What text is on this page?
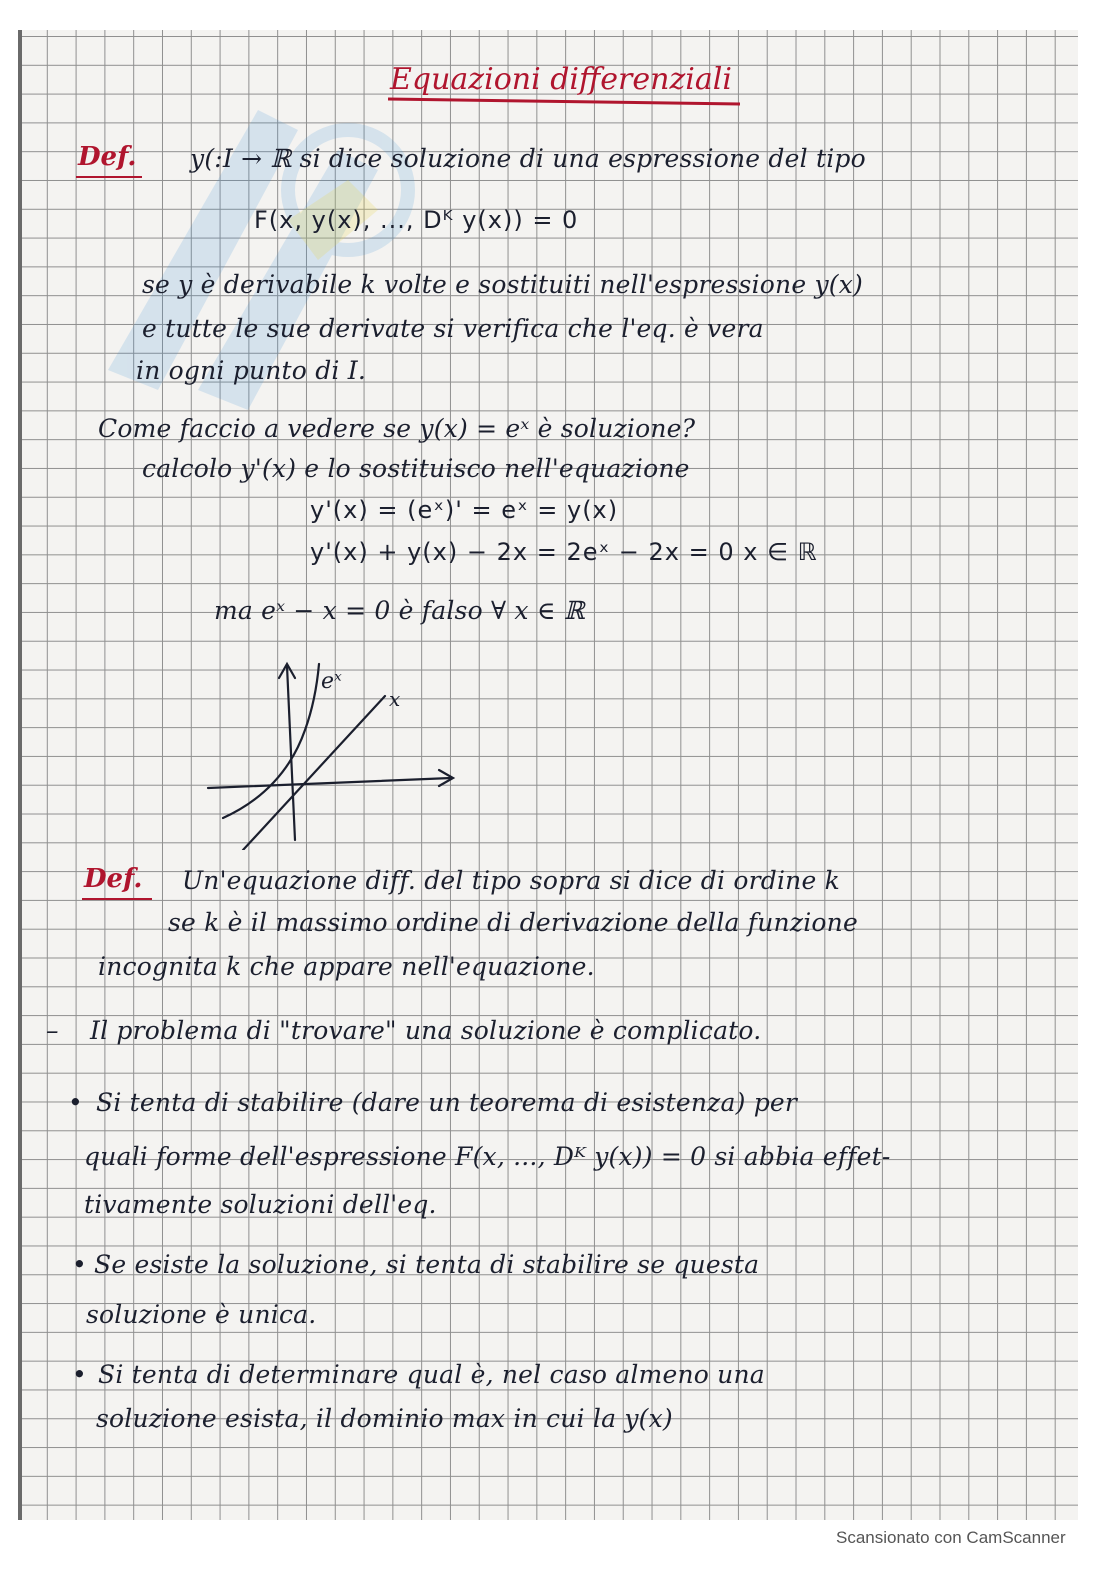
Equazioni differenziali
Def. y(:I → ℝ si dice soluzione di una espressione del tipo
F(x, y(x), ..., Dᴷ y(x)) = 0
se y è derivabile k volte e sostituiti nell'espressione y(x)
e tutte le sue derivate si verifica che l'eq. è vera
in ogni punto di I.
Come faccio a vedere se y(x) = eˣ è soluzione?
calcolo y'(x) e lo sostituisco nell'equazione
y'(x) = (eˣ)' = eˣ = y(x)
y'(x) + y(x) − 2x = 2eˣ − 2x = 0 x ∈ ℝ
ma eˣ − x = 0 è falso ∀ x ∈ ℝ
eˣ
x
Def. Un'equazione diff. del tipo sopra si dice di ordine k
se k è il massimo ordine di derivazione della funzione
incognita k che appare nell'equazione.
– Il problema di "trovare" una soluzione è complicato.
• Si tenta di stabilire (dare un teorema di esistenza) per
quali forme dell'espressione F(x, ..., Dᴷ y(x)) = 0 si abbia effet-
tivamente soluzioni dell'eq.
• Se esiste la soluzione, si tenta di stabilire se questa
soluzione è unica.
• Si tenta di determinare qual è, nel caso almeno una
soluzione esista, il dominio max in cui la y(x)
Scansionato con CamScanner
